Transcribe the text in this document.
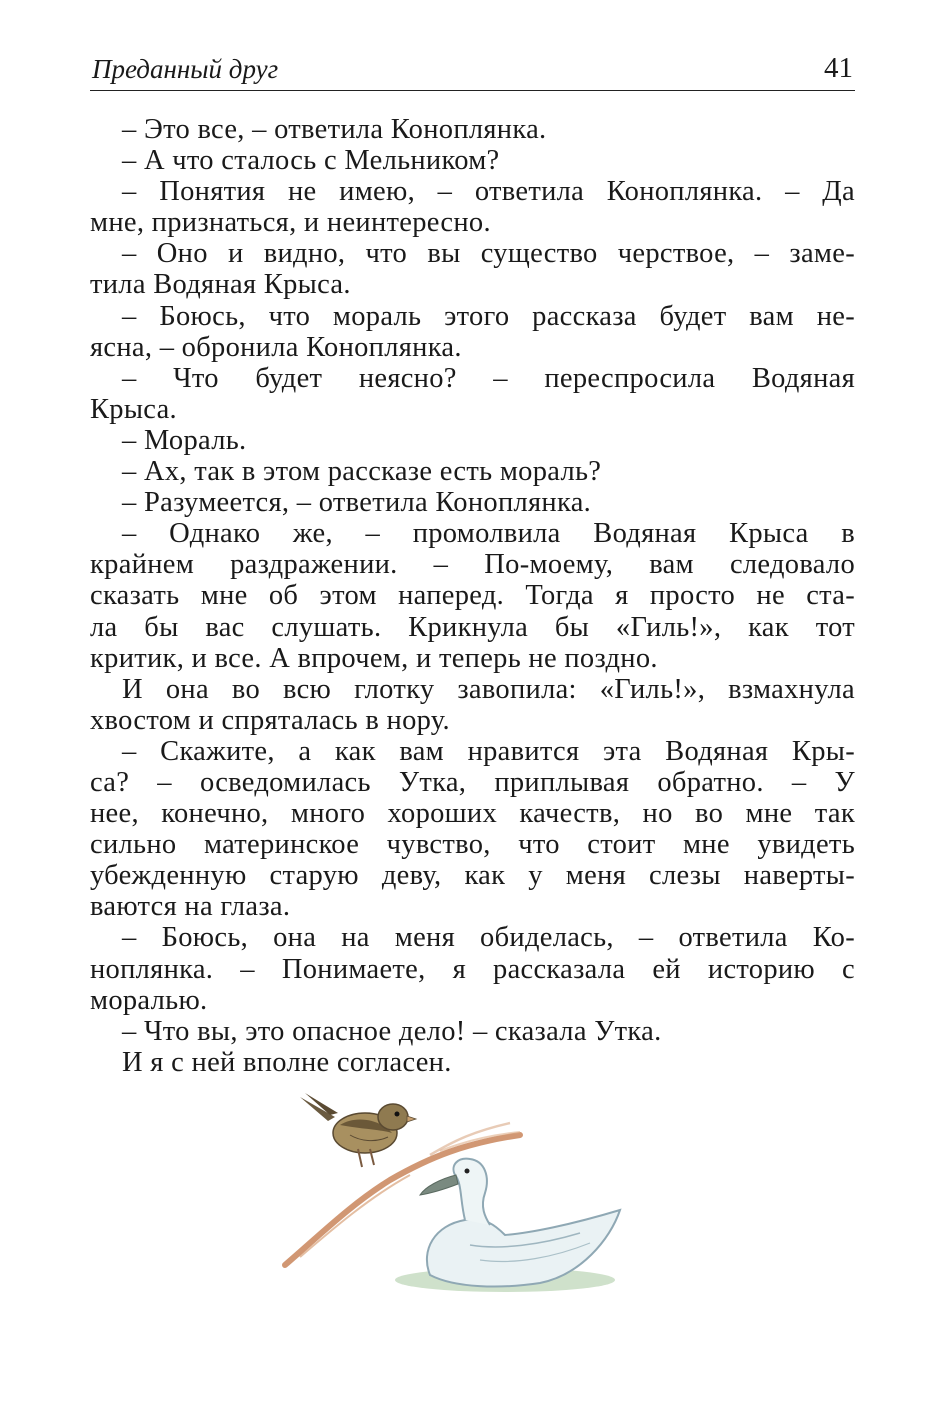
Преданный друг	41
– Это все, – ответила Коноплянка.
– А что сталось с Мельником?
– Понятия не имею, – ответила Коноплянка. – Да
мне, признаться, и неинтересно.
– Оно и видно, что вы существо черствое, – заме-
тила Водяная Крыса.
– Боюсь, что мораль этого рассказа будет вам не-
ясна, – обронила Коноплянка.
– Что будет неясно? – переспросила Водяная
Крыса.
– Мораль.
– Ах, так в этом рассказе есть мораль?
– Разумеется, – ответила Коноплянка.
– Однако же, – промолвила Водяная Крыса в
крайнем раздражении. – По-моему, вам следовало
сказать мне об этом наперед. Тогда я просто не ста-
ла бы вас слушать. Крикнула бы «Гиль!», как тот
критик, и все. А впрочем, и теперь не поздно.
И она во всю глотку завопила: «Гиль!», взмахнула
хвостом и спряталась в нору.
– Скажите, а как вам нравится эта Водяная Кры-
са? – осведомилась Утка, приплывая обратно. – У
нее, конечно, много хороших качеств, но во мне так
сильно материнское чувство, что стоит мне увидеть
убежденную старую деву, как у меня слезы наверты-
ваются на глаза.
– Боюсь, она на меня обиделась, – ответила Ко-
ноплянка. – Понимаете, я рассказала ей историю с
моралью.
– Что вы, это опасное дело! – сказала Утка.
И я с ней вполне согласен.
